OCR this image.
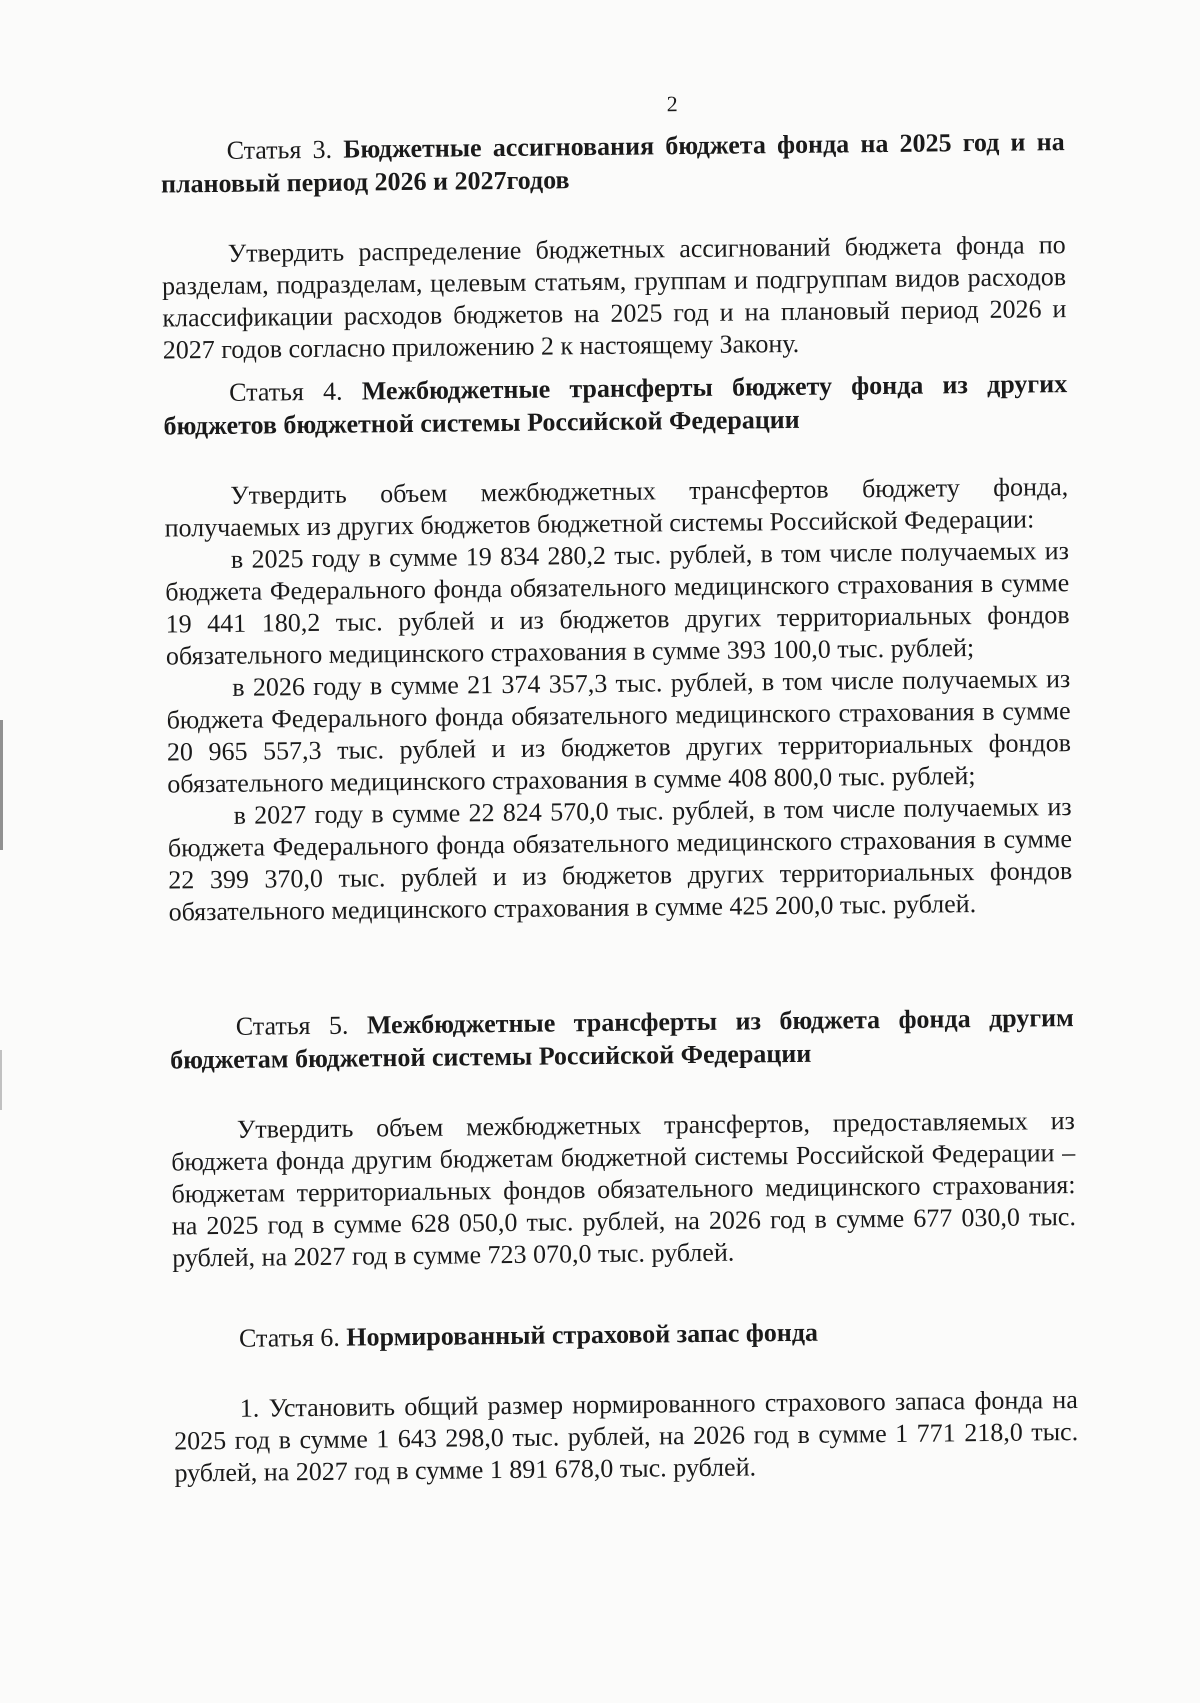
2

Статья 3. Бюджетные ассигнования бюджета фонда на 2025 год и на плановый период 2026 и 2027годов

Утвердить распределение бюджетных ассигнований бюджета фонда по разделам, подразделам, целевым статьям, группам и подгруппам видов расходов классификации расходов бюджетов на 2025 год и на плановый период 2026 и 2027 годов согласно приложению 2 к настоящему Закону.

Статья 4. Межбюджетные трансферты бюджету фонда из других бюджетов бюджетной системы Российской Федерации

Утвердить объем межбюджетных трансфертов бюджету фонда, получаемых из других бюджетов бюджетной системы Российской Федерации:

в 2025 году в сумме 19 834 280,2 тыс. рублей, в том числе получаемых из бюджета Федерального фонда обязательного медицинского страхования в сумме 19 441 180,2 тыс. рублей и из бюджетов других территориальных фондов обязательного медицинского страхования в сумме 393 100,0 тыс. рублей;

в 2026 году в сумме 21 374 357,3 тыс. рублей, в том числе получаемых из бюджета Федерального фонда обязательного медицинского страхования в сумме 20 965 557,3 тыс. рублей и из бюджетов других территориальных фондов обязательного медицинского страхования в сумме 408 800,0 тыс. рублей;

в 2027 году в сумме 22 824 570,0 тыс. рублей, в том числе получаемых из бюджета Федерального фонда обязательного медицинского страхования в сумме 22 399 370,0 тыс. рублей и из бюджетов других территориальных фондов обязательного медицинского страхования в сумме 425 200,0 тыс. рублей.

Статья 5. Межбюджетные трансферты из бюджета фонда другим бюджетам бюджетной системы Российской Федерации

Утвердить объем межбюджетных трансфертов, предоставляемых из бюджета фонда другим бюджетам бюджетной системы Российской Федерации – бюджетам территориальных фондов обязательного медицинского страхования: на 2025 год в сумме 628 050,0 тыс. рублей, на 2026 год в сумме 677 030,0 тыс. рублей, на 2027 год в сумме 723 070,0 тыс. рублей.

Статья 6. Нормированный страховой запас фонда

1. Установить общий размер нормированного страхового запаса фонда на 2025 год в сумме 1 643 298,0 тыс. рублей, на 2026 год в сумме 1 771 218,0 тыс. рублей, на 2027 год в сумме 1 891 678,0 тыс. рублей.
